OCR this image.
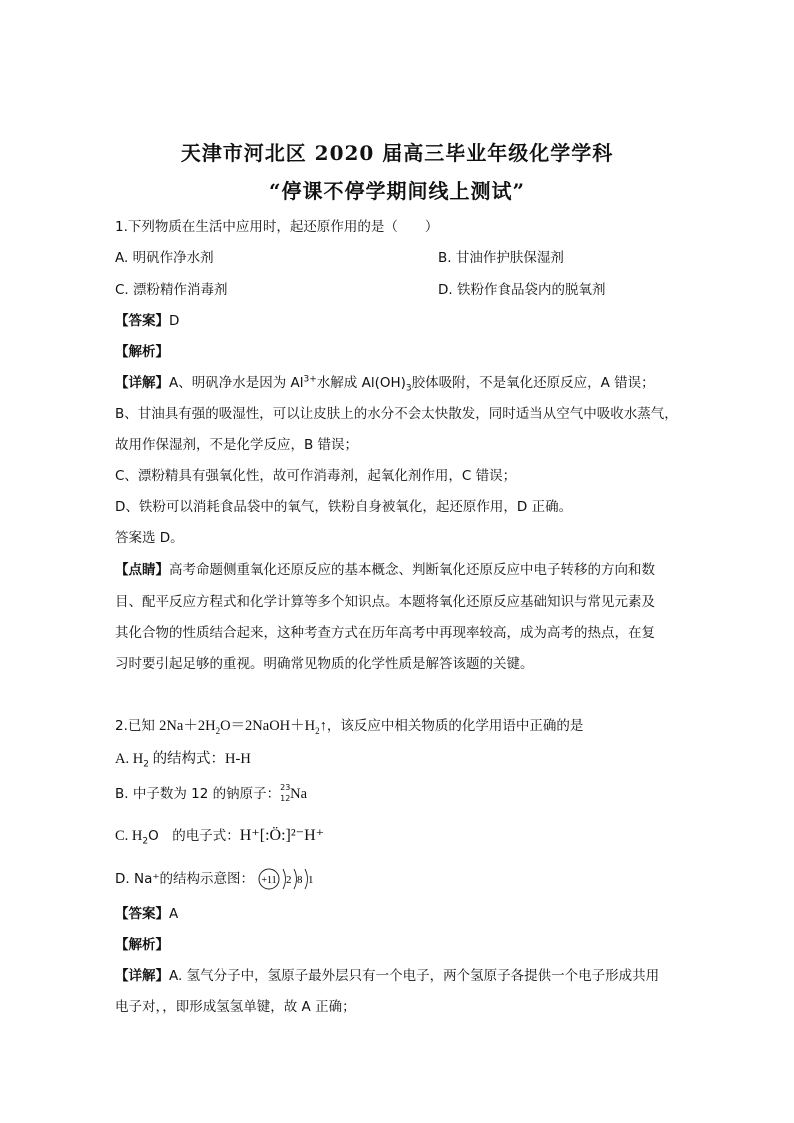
天津市河北区 2020 届高三毕业年级化学学科
“停课不停学期间线上测试”
1.下列物质在生活中应用时，起还原作用的是（　　）
A. 明矾作净水剂	B. 甘油作护肤保湿剂
C. 漂粉精作消毒剂	D. 铁粉作食品袋内的脱氧剂
【答案】D
【解析】
【详解】A、明矾净水是因为 $Al^{3+}$水解成 $Al(OH)_3$胶体吸附，不是氧化还原反应，A 错误；
B、甘油具有强的吸湿性，可以让皮肤上的水分不会太快散发，同时适当从空气中吸收水蒸气，
故用作保湿剂，不是化学反应，B 错误；
C、漂粉精具有强氧化性，故可作消毒剂，起氧化剂作用，C 错误；
D、铁粉可以消耗食品袋中的氧气，铁粉自身被氧化，起还原作用，D 正确。
答案选 D。
【点睛】高考命题侧重氧化还原反应的基本概念、判断氧化还原反应中电子转移的方向和数
目、配平反应方程式和化学计算等多个知识点。本题将氧化还原反应基础知识与常见元素及
其化合物的性质结合起来，这种考查方式在历年高考中再现率较高，成为高考的热点，在复
习时要引起足够的重视。明确常见物质的化学性质是解答该题的关键。
2.已知 $2Na+2H_2O=2NaOH+H_2↑$，该反应中相关物质的化学用语中正确的是
A. $H_2$ 的结构式：H-H
B. 中子数为 12 的钠原子： 23
12 Na
C. $H_2O$　的电子式：H⁺[:Ö:]²⁻H⁺
D. Na⁺的结构示意图： +11 2 8 1
【答案】A
【解析】
【详解】A. 氢气分子中，氢原子最外层只有一个电子，两个氢原子各提供一个电子形成共用
电子对，，即形成氢氢单键，故 A 正确；
